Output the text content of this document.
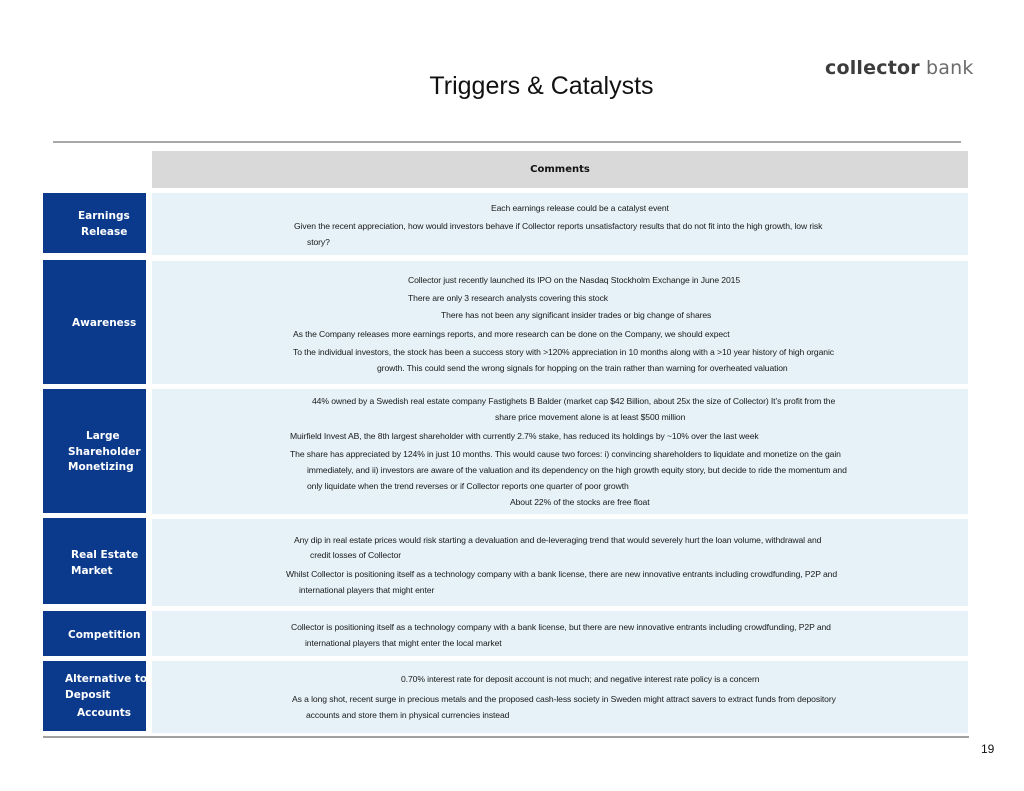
Triggers & Catalysts
collector bank
Comments
Earnings
Release
Each earnings release could be a catalyst event
Given the recent appreciation, how would investors behave if Collector reports unsatisfactory results that do not fit into the high growth, low risk
story?
Awareness
Collector just recently launched its IPO on the Nasdaq Stockholm Exchange in June 2015
There are only 3 research analysts covering this stock
There has not been any significant insider trades or big change of shares
As the Company releases more earnings reports, and more research can be done on the Company, we should expect
To the individual investors, the stock has been a success story with >120% appreciation in 10 months along with a >10 year history of high organic
growth. This could send the wrong signals for hopping on the train rather than warning for overheated valuation
Large
Shareholder
Monetizing
44% owned by a Swedish real estate company Fastighets B Balder (market cap $42 Billion, about 25x the size of Collector) It’s profit from the
share price movement alone is at least $500 million
Muirfield Invest AB, the 8th largest shareholder with currently 2.7% stake, has reduced its holdings by ~10% over the last week
The share has appreciated by 124% in just 10 months. This would cause two forces: i) convincing shareholders to liquidate and monetize on the gain
immediately, and ii) investors are aware of the valuation and its dependency on the high growth equity story, but decide to ride the momentum and
only liquidate when the trend reverses or if Collector reports one quarter of poor growth
About 22% of the stocks are free float
Real Estate
Market
Any dip in real estate prices would risk starting a devaluation and de-leveraging trend that would severely hurt the loan volume, withdrawal and
credit losses of Collector
Whilst Collector is positioning itself as a technology company with a bank license, there are new innovative entrants including crowdfunding, P2P and
international players that might enter
Competition
Collector is positioning itself as a technology company with a bank license, but there are new innovative entrants including crowdfunding, P2P and
international players that might enter the local market
Alternative to
Deposit
Accounts
0.70% interest rate for deposit account is not much; and negative interest rate policy is a concern
As a long shot, recent surge in precious metals and the proposed cash-less society in Sweden might attract savers to extract funds from depository
accounts and store them in physical currencies instead
19
